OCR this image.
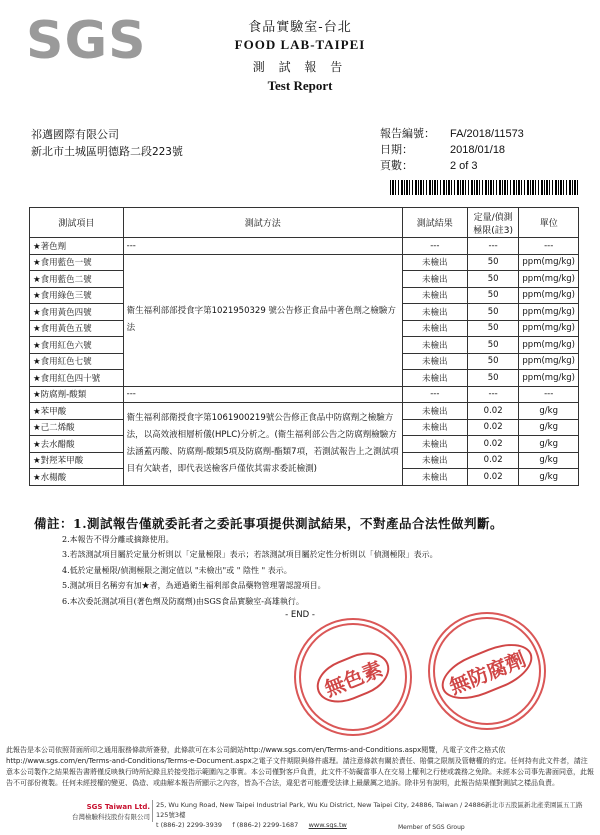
SGS	食品實驗室-台北
FOOD LAB-TAIPEI
測 試 報 告
Test Report
祁邁國際有限公司
新北市土城區明德路二段223號
報告編號：	FA/2018/11573
日期：	2018/01/18
頁數：	2 of 3
測試項目	測試方法	測試結果	定量/偵測極限(註3)	單位
★著色劑	---	---	---	---
★食用藍色一號	衛生福利部部授食字第1021950329 號公告修正食品中著色劑之檢驗方法	未檢出	50	ppm(mg/kg)
★食用藍色二號		未檢出	50	ppm(mg/kg)
★食用綠色三號		未檢出	50	ppm(mg/kg)
★食用黃色四號		未檢出	50	ppm(mg/kg)
★食用黃色五號		未檢出	50	ppm(mg/kg)
★食用紅色六號		未檢出	50	ppm(mg/kg)
★食用紅色七號		未檢出	50	ppm(mg/kg)
★食用紅色四十號		未檢出	50	ppm(mg/kg)
★防腐劑-酸類	---	---	---	---
★苯甲酸	衛生福利部衛授食字第1061900219號公告修正食品中防腐劑之檢驗方法，以高效液相層析儀(HPLC)分析之。(衛生福利部公告之防腐劑檢驗方法涵蓋丙酸、防腐劑-酸類5項及防腐劑-酯類7項，若測試報告上之測試項目有欠缺者，即代表送檢客戶僅依其需求委託檢測)	未檢出	0.02	g/kg
★己二烯酸		未檢出	0.02	g/kg
★去水醋酸		未檢出	0.02	g/kg
★對羥苯甲酸		未檢出	0.02	g/kg
★水楊酸		未檢出	0.02	g/kg
備註：1.測試報告僅就委託者之委託事項提供測試結果，不對產品合法性做判斷。
2.本報告不得分離或摘錄使用。
3.若該測試項目屬於定量分析則以「定量極限」表示；若該測試項目屬於定性分析則以「偵測極限」表示。
4.低於定量極限/偵測極限之測定值以 "未檢出"或 " 陰性 " 表示。
5.測試項目名稱旁有加★者，為通過衛生福利部食品藥物管理署認證項目。
6.本次委託測試項目(著色劑及防腐劑)由SGS食品實驗室-高雄執行。
- END -
無色素	無防腐劑
此報告是本公司依照背面所印之通用服務條款所簽發，此條款可在本公司網站http://www.sgs.com/en/Terms-and-Conditions.aspx閱覽，凡電子文件之格式依http://www.sgs.com/en/Terms-and-Conditions/Terms-e-Document.aspx之電子文件期限與條件處理。請注意條款有關於責任、賠償之限制及管轄權的約定。任何持有此文件者，請注意本公司製作之結果報告書將僅反映執行時所紀錄且於接受指示範圍內之事實。本公司僅對客戶負責，此文件不妨礙當事人在交易上權利之行使或義務之免除。未經本公司事先書面同意，此報告不可部份複製。任何未經授權的變更、偽造、或曲解本報告所顯示之內容，皆為不合法，違犯者可能遭受法律上最嚴厲之追訴。除非另有說明，此報告結果僅對測試之樣品負責。
SGS Taiwan Ltd.
台灣檢驗科技股份有限公司
25, Wu Kung Road, New Taipei Industrial Park, Wu Ku District, New Taipei City, 24886, Taiwan / 24886新北市五股區新北產業園區五工路125號3樓
t (886-2) 2299-3939 f (886-2) 2299-1687 www.sgs.tw	Member of SGS Group
